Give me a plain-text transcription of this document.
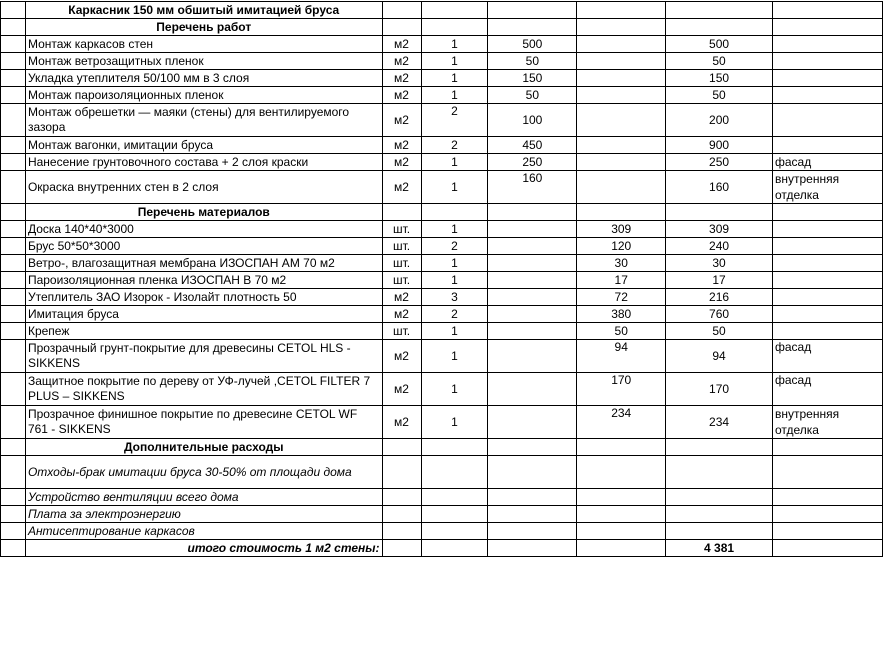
	Каркасник 150 мм обшитый имитацией бруса						
	Перечень работ						
	Монтаж каркасов стен	м2	1	500		500	
	Монтаж ветрозащитных пленок	м2	1	50		50	
	Укладка утеплителя 50/100 мм в 3 слоя	м2	1	150		150	
	Монтаж пароизоляционных пленок	м2	1	50		50	
	Монтаж обрешетки — маяки (стены) для вентилируемого зазора	м2	2	100		200	
	Монтаж вагонки, имитации бруса	м2	2	450		900	
	Нанесение грунтовочного состава + 2 слоя краски	м2	1	250		250	фасад
	Окраска внутренних стен в 2 слоя	м2	1	160		160	внутренняя отделка
	Перечень материалов						
	Доска 140*40*3000	шт.	1		309	309	
	Брус 50*50*3000	шт.	2		120	240	
	Ветро-, влагозащитная мембрана ИЗОСПАН АМ 70 м2	шт.	1		30	30	
	Пароизоляционная пленка ИЗОСПАН В 70 м2	шт.	1		17	17	
	Утеплитель ЗАО Изорок - Изолайт плотность 50	м2	3		72	216	
	Имитация бруса	м2	2		380	760	
	Крепеж	шт.	1		50	50	
	Прозрачный грунт-покрытие для древесины CETOL HLS - SIKKENS	м2	1		94	94	фасад
	Защитное покрытие по дереву от УФ-лучей ,CETOL FILTER 7 PLUS – SIKKENS	м2	1		170	170	фасад
	Прозрачное финишное покрытие по древесине CETOL WF 761 - SIKKENS	м2	1		234	234	внутренняя отделка
	Дополнительные расходы						
	Отходы-брак имитации бруса 30-50% от площади дома						
	Устройство вентиляции всего дома						
	Плата за электроэнергию						
	Антисептирование каркасов						
	итого стоимость 1 м2 стены:					4 381	
